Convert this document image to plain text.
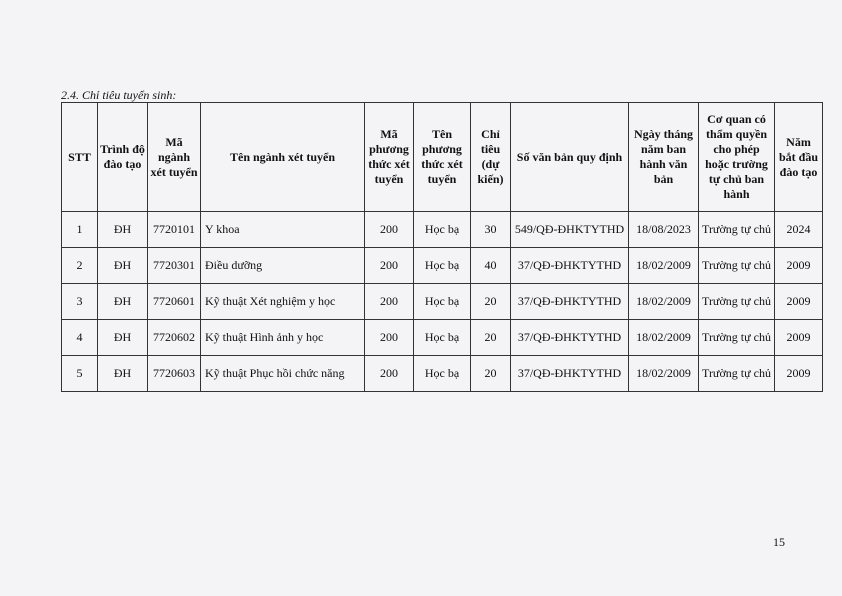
2.4. Chỉ tiêu tuyển sinh:
STT	Trình độ đào tạo	Mã ngành xét tuyển	Tên ngành xét tuyển	Mã phương thức xét tuyển	Tên phương thức xét tuyển	Chỉ tiêu (dự kiến)	Số văn bản quy định	Ngày tháng năm ban hành văn bản	Cơ quan có thẩm quyền cho phép hoặc trường tự chủ ban hành	Năm bắt đầu đào tạo
1	ĐH	7720101	Y khoa	200	Học bạ	30	549/QĐ-ĐHKTYTHD	18/08/2023	Trường tự chủ	2024
2	ĐH	7720301	Điều dưỡng	200	Học bạ	40	37/QĐ-ĐHKTYTHD	18/02/2009	Trường tự chủ	2009
3	ĐH	7720601	Kỹ thuật Xét nghiệm y học	200	Học bạ	20	37/QĐ-ĐHKTYTHD	18/02/2009	Trường tự chủ	2009
4	ĐH	7720602	Kỹ thuật Hình ảnh y học	200	Học bạ	20	37/QĐ-ĐHKTYTHD	18/02/2009	Trường tự chủ	2009
5	ĐH	7720603	Kỹ thuật Phục hồi chức năng	200	Học bạ	20	37/QĐ-ĐHKTYTHD	18/02/2009	Trường tự chủ	2009
15
